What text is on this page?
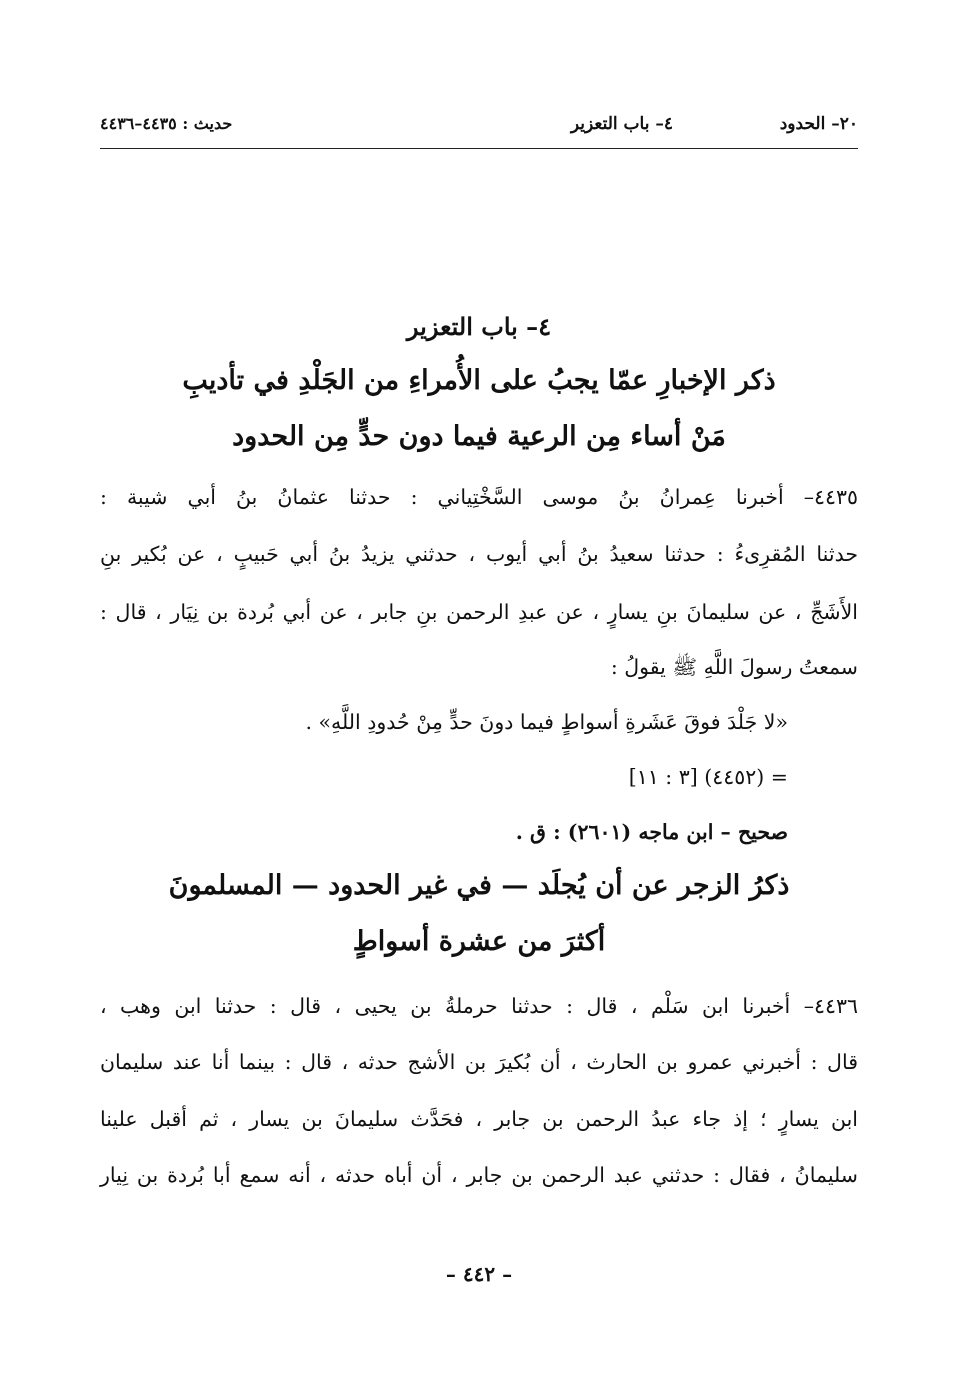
٢٠– الحدود
٤– باب التعزير
حديث : ٤٤٣٥–٤٤٣٦
٤– باب التعزير
ذكر الإخبارِ عمّا يجبُ على الأُمراءِ من الجَلْدِ في تأديبِ
مَنْ أساء مِن الرعية فيما دون حدٍّ مِن الحدود
٤٤٣٥– أخبرنا عِمرانُ بنُ موسى السَّخْتِياني : حدثنا عثمانُ بنُ أبي شيبة :
حدثنا المُقرِىءُ : حدثنا سعيدُ بنُ أبي أيوب ، حدثني يزيدُ بنُ أبي حَبيبٍ ، عن بُكير بنِ
الأَشَجِّ ، عن سليمانَ بنِ يسارٍ ، عن عبدِ الرحمن بنِ جابر ، عن أبي بُردة بن نِيَار ، قال :
سمعتُ رسولَ اللَّهِ ﷺ يقولُ :
«لا جَلْدَ فوقَ عَشَرةِ أسواطٍ فيما دونَ حدٍّ مِنْ حُدودِ اللَّهِ» .
= (٤٤٥٢) [٣ : ١١]
صحيح – ابن ماجه (٢٦٠١) : ق .
ذكرُ الزجر عن أن يُجلَد — في غير الحدود — المسلمونَ
أكثرَ من عشرة أسواطٍ
٤٤٣٦– أخبرنا ابن سَلْم ، قال : حدثنا حرملةُ بن يحيى ، قال : حدثنا ابن وهب ،
قال : أخبرني عمرو بن الحارث ، أن بُكيرَ بن الأشج حدثه ، قال : بينما أنا عند سليمان
ابن يسارٍ ؛ إذ جاء عبدُ الرحمن بن جابر ، فحَدَّث سليمانَ بن يسار ، ثم أقبل علينا
سليمانُ ، فقال : حدثني عبد الرحمن بن جابر ، أن أباه حدثه ، أنه سمع أبا بُردة بن نِيار
– ٤٤٢ –
